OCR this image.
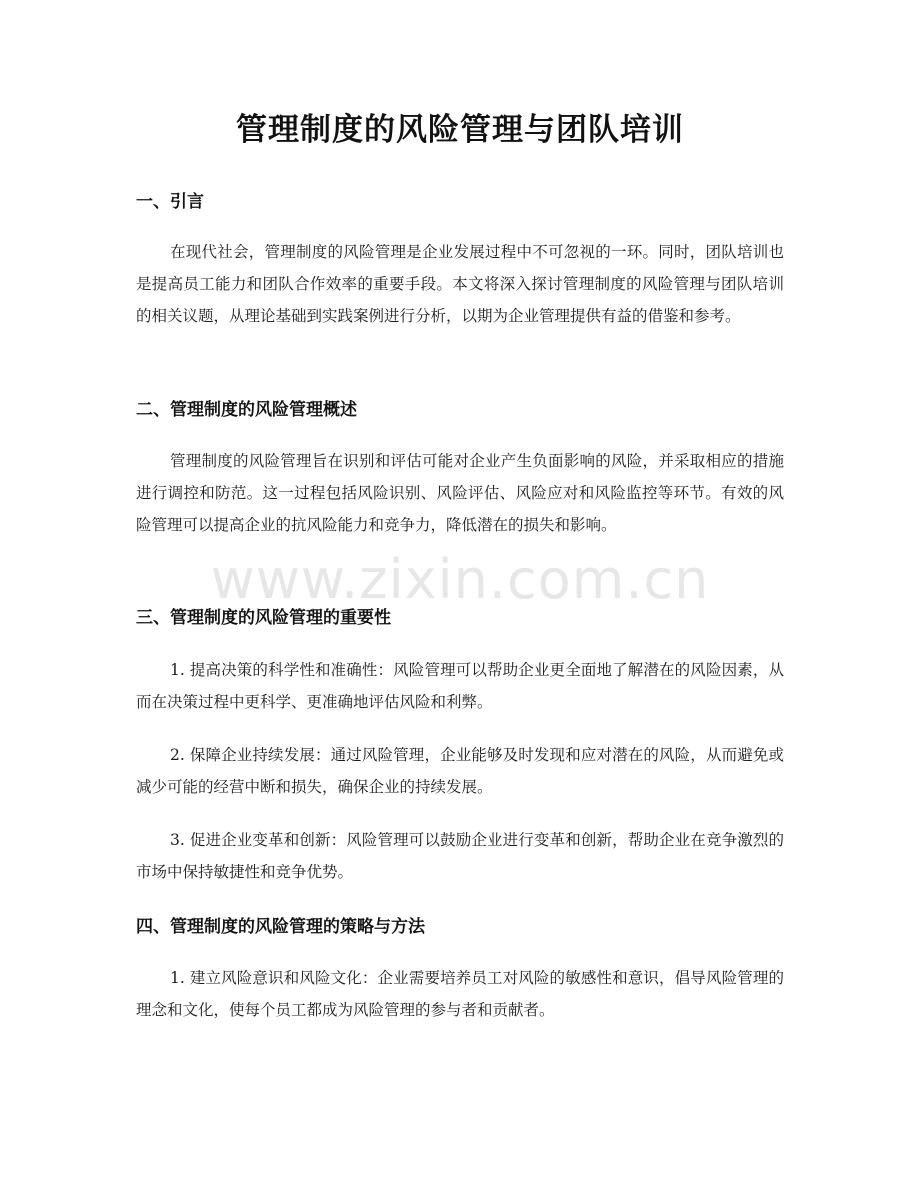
管理制度的风险管理与团队培训
一、引言
在现代社会，管理制度的风险管理是企业发展过程中不可忽视的一环。同时，团队培训也是提高员工能力和团队合作效率的重要手段。本文将深入探讨管理制度的风险管理与团队培训的相关议题，从理论基础到实践案例进行分析，以期为企业管理提供有益的借鉴和参考。
二、管理制度的风险管理概述
管理制度的风险管理旨在识别和评估可能对企业产生负面影响的风险，并采取相应的措施进行调控和防范。这一过程包括风险识别、风险评估、风险应对和风险监控等环节。有效的风险管理可以提高企业的抗风险能力和竞争力，降低潜在的损失和影响。
三、管理制度的风险管理的重要性
1. 提高决策的科学性和准确性：风险管理可以帮助企业更全面地了解潜在的风险因素，从而在决策过程中更科学、更准确地评估风险和利弊。
2. 保障企业持续发展：通过风险管理，企业能够及时发现和应对潜在的风险，从而避免或减少可能的经营中断和损失，确保企业的持续发展。
3. 促进企业变革和创新：风险管理可以鼓励企业进行变革和创新，帮助企业在竞争激烈的市场中保持敏捷性和竞争优势。
四、管理制度的风险管理的策略与方法
1. 建立风险意识和风险文化：企业需要培养员工对风险的敏感性和意识，倡导风险管理的理念和文化，使每个员工都成为风险管理的参与者和贡献者。
www.zixin.com.cn
